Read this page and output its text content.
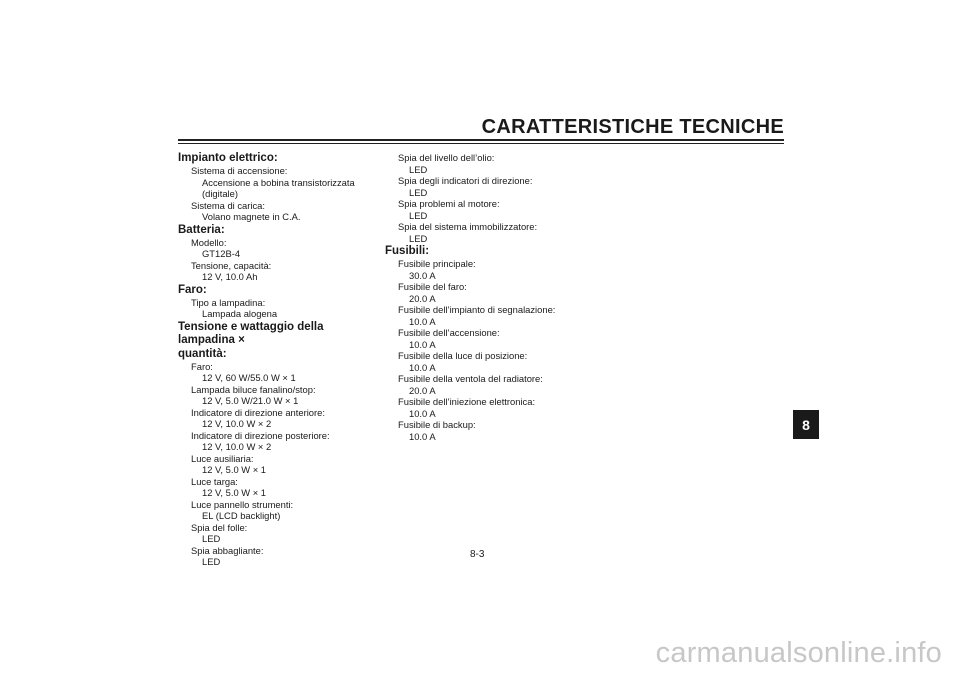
CARATTERISTICHE TECNICHE
Impianto elettrico:
Sistema di accensione:
Accensione a bobina transistorizzata
(digitale)
Sistema di carica:
Volano magnete in C.A.
Batteria:
Modello:
GT12B-4
Tensione, capacità:
12 V, 10.0 Ah
Faro:
Tipo a lampadina:
Lampada alogena
Tensione e wattaggio della lampadina ×
quantità:
Faro:
12 V, 60 W/55.0 W × 1
Lampada biluce fanalino/stop:
12 V, 5.0 W/21.0 W × 1
Indicatore di direzione anteriore:
12 V, 10.0 W × 2
Indicatore di direzione posteriore:
12 V, 10.0 W × 2
Luce ausiliaria:
12 V, 5.0 W × 1
Luce targa:
12 V, 5.0 W × 1
Luce pannello strumenti:
EL (LCD backlight)
Spia del folle:
LED
Spia abbagliante:
LED
Spia del livello dell’olio:
LED
Spia degli indicatori di direzione:
LED
Spia problemi al motore:
LED
Spia del sistema immobilizzatore:
LED
Fusibili:
Fusibile principale:
30.0 A
Fusibile del faro:
20.0 A
Fusibile dell’impianto di segnalazione:
10.0 A
Fusibile dell’accensione:
10.0 A
Fusibile della luce di posizione:
10.0 A
Fusibile della ventola del radiatore:
20.0 A
Fusibile dell’iniezione elettronica:
10.0 A
Fusibile di backup:
10.0 A
8
8-3
carmanualsonline.info
